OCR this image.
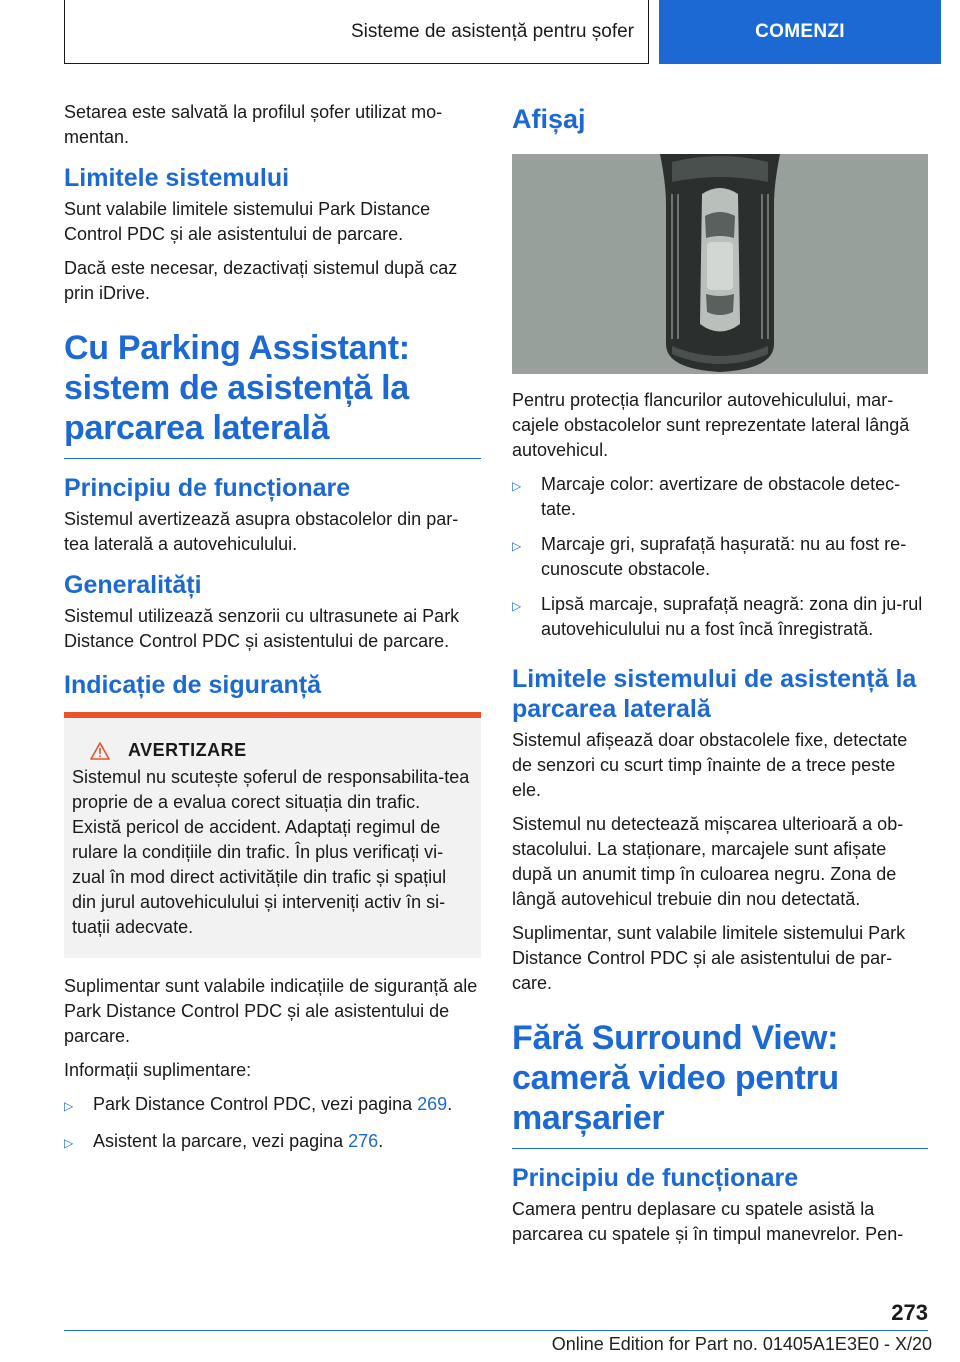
Sisteme de asistență pentru șofer	COMENZI

Setarea este salvată la profilul șofer utilizat mo-mentan.

Limitele sistemului

Sunt valabile limitele sistemului Park Distance Control PDC și ale asistentului de parcare.

Dacă este necesar, dezactivați sistemul după caz prin iDrive.

Cu Parking Assistant: sistem de asistență la parcarea laterală
Principiu de funcționare

Sistemul avertizează asupra obstacolelor din par-tea laterală a autovehiculului.

Generalități

Sistemul utilizează senzorii cu ultrasunete ai Park Distance Control PDC și asistentului de parcare.

Indicație de siguranță
AVERTIZARE

Sistemul nu scutește șoferul de responsabilita-tea proprie de a evalua corect situația din trafic. Există pericol de accident. Adaptați regimul de rulare la condițiile din trafic. În plus verificați vi-zual în mod direct activitățile din trafic și spațiul din jurul autovehiculului și interveniți activ în si-tuații adecvate.

Suplimentar sunt valabile indicațiile de siguranță ale Park Distance Control PDC și ale asistentului de parcare.

Informații suplimentare:

▷	Park Distance Control PDC, vezi pagina 269.
▷	Asistent la parcare, vezi pagina 276.
Afișaj

Pentru protecția flancurilor autovehiculului, mar-cajele obstacolelor sunt reprezentate lateral lângă autovehicul.

▷	Marcaje color: avertizare de obstacole detec-tate.
▷	Marcaje gri, suprafață hașurată: nu au fost re-cunoscute obstacole.
▷	Lipsă marcaje, suprafață neagră: zona din ju-rul autovehiculului nu a fost încă înregistrată.
Limitele sistemului de asistență la parcarea laterală

Sistemul afișează doar obstacolele fixe, detectate de senzori cu scurt timp înainte de a trece peste ele.

Sistemul nu detectează mișcarea ulterioară a ob-stacolului. La staționare, marcajele sunt afișate după un anumit timp în culoarea negru. Zona de lângă autovehicul trebuie din nou detectată.

Suplimentar, sunt valabile limitele sistemului Park Distance Control PDC și ale asistentului de par-care.

Fără Surround View: cameră video pentru marșarier
Principiu de funcționare

Camera pentru deplasare cu spatele asistă la parcarea cu spatele și în timpul manevrelor. Pen-

273
Online Edition for Part no. 01405A1E3E0 - X/20
